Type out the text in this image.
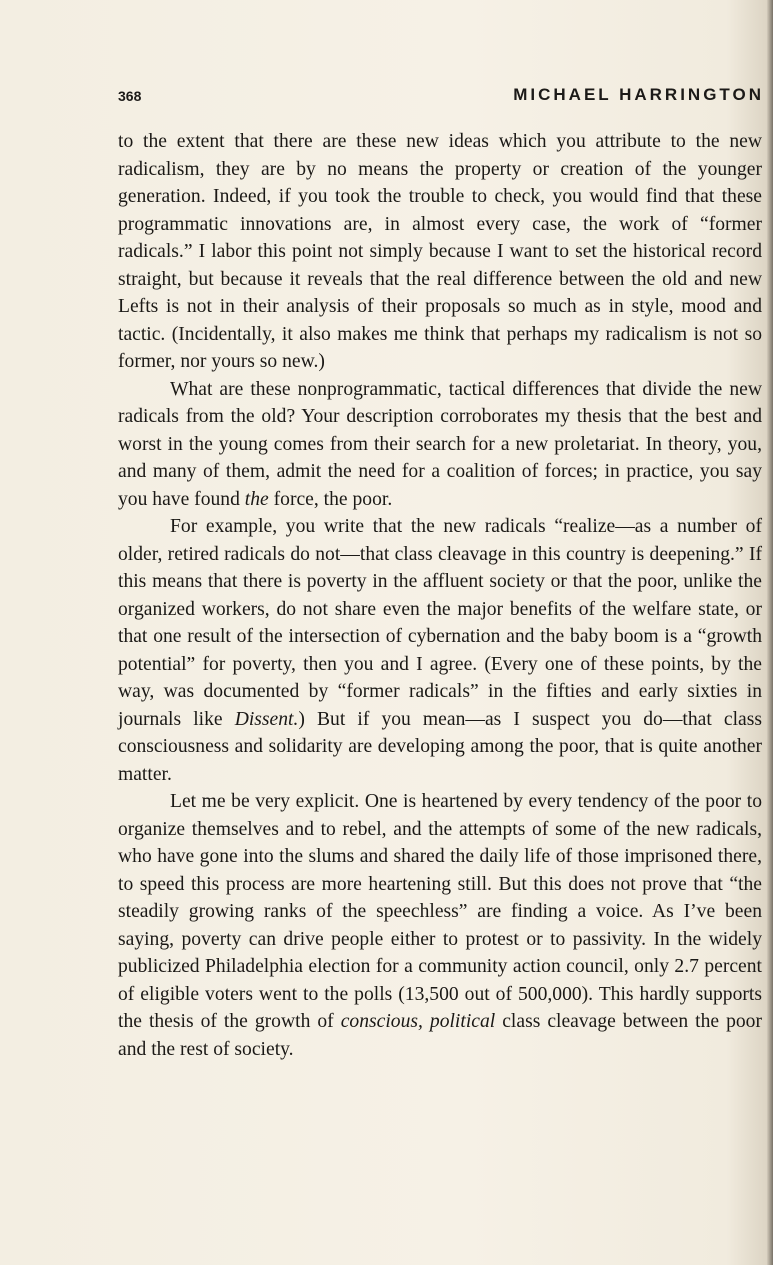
368	MICHAEL HARRINGTON

to the extent that there are these new ideas which you attribute to the new radicalism, they are by no means the property or creation of the younger generation. Indeed, if you took the trouble to check, you would find that these programmatic innovations are, in almost every case, the work of “former radicals.” I labor this point not simply because I want to set the historical record straight, but because it reveals that the real difference between the old and new Lefts is not in their analysis of their proposals so much as in style, mood and tactic. (Incidentally, it also makes me think that perhaps my radicalism is not so former, nor yours so new.)

What are these nonprogrammatic, tactical differences that divide the new radicals from the old? Your description corroborates my thesis that the best and worst in the young comes from their search for a new proletariat. In theory, you, and many of them, admit the need for a coalition of forces; in practice, you say you have found the force, the poor.

For example, you write that the new radicals “realize—as a number of older, retired radicals do not—that class cleavage in this country is deepening.” If this means that there is poverty in the affluent society or that the poor, unlike the organized workers, do not share even the major benefits of the welfare state, or that one result of the intersection of cybernation and the baby boom is a “growth potential” for poverty, then you and I agree. (Every one of these points, by the way, was documented by “former radicals” in the fifties and early sixties in journals like Dissent.) But if you mean—as I suspect you do—that class consciousness and solidarity are developing among the poor, that is quite another matter.

Let me be very explicit. One is heartened by every tendency of the poor to organize themselves and to rebel, and the attempts of some of the new radicals, who have gone into the slums and shared the daily life of those imprisoned there, to speed this process are more heartening still. But this does not prove that “the steadily growing ranks of the speechless” are finding a voice. As I’ve been saying, poverty can drive people either to protest or to passivity. In the widely publicized Philadelphia election for a community action council, only 2.7 percent of eligible voters went to the polls (13,500 out of 500,000). This hardly supports the thesis of the growth of conscious, political class cleavage between the poor and the rest of society.
